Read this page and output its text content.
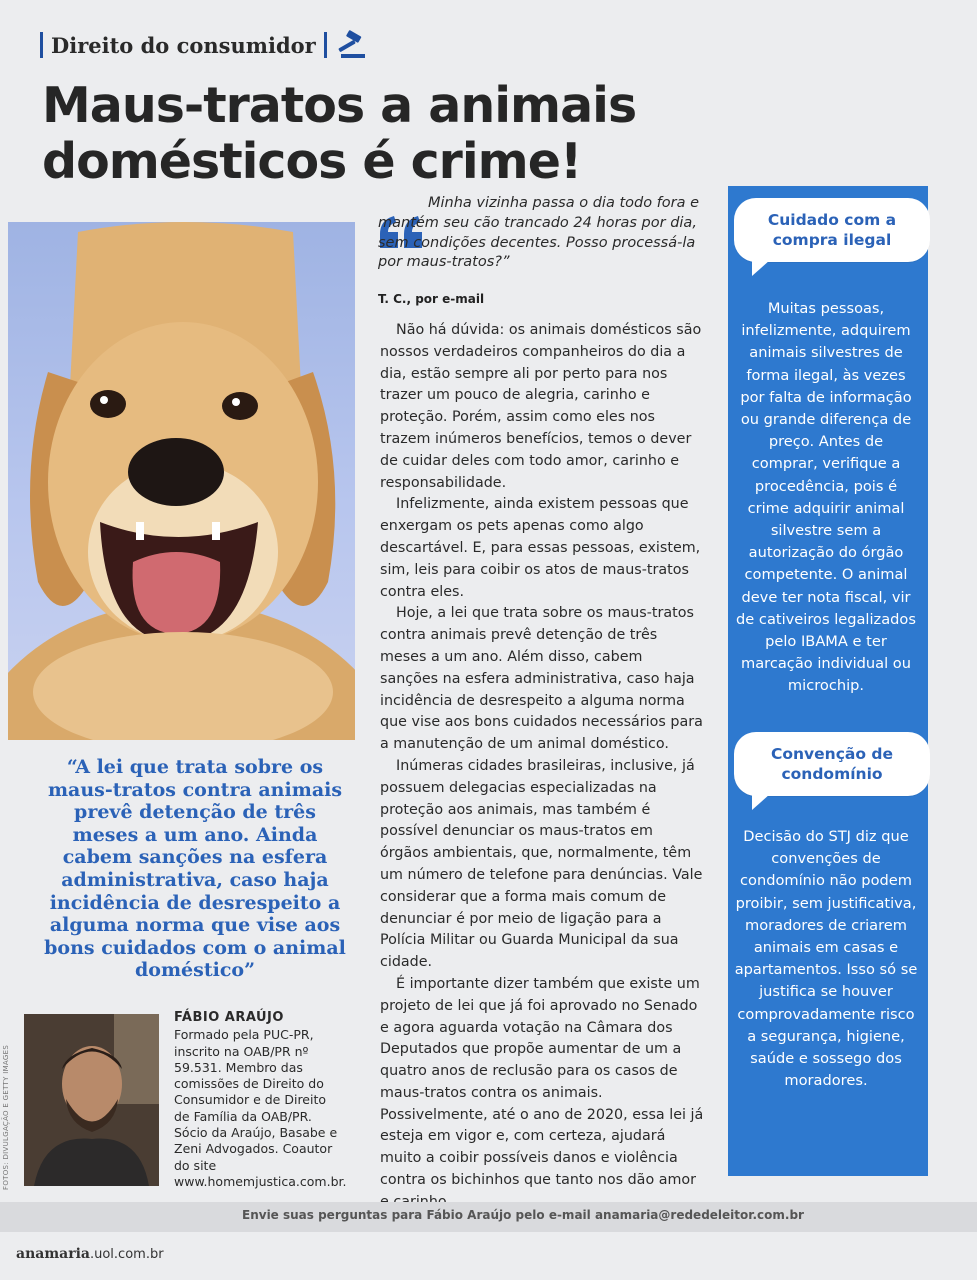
Direito do consumidor
Maus-tratos a animais
domésticos é crime!
“A lei que trata sobre os maus-tratos contra animais prevê detenção de três meses a um ano. Ainda cabem sanções na esfera administrativa, caso haja incidência de desrespeito a alguma norma que vise aos bons cuidados com o animal doméstico”
FOTOS: DIVULGAÇÃO E GETTY IMAGES
FÁBIO ARAÚJO
Formado pela PUC-PR, inscrito na OAB/PR nº 59.531. Membro das comissões de Direito do Consumidor e de Direito de Família da OAB/PR. Sócio da Araújo, Basabe e Zeni Advogados. Coautor do site www.homemjustica.com.br.
Minha vizinha passa o dia todo fora e mantém seu cão trancado 24 horas por dia, sem condições decentes. Posso processá-la por maus-tratos?”
T. C., por e-mail

Não há dúvida: os animais domésticos são nossos verdadeiros companheiros do dia a dia, estão sempre ali por perto para nos trazer um pouco de alegria, carinho e proteção. Porém, assim como eles nos trazem inúmeros benefícios, temos o dever de cuidar deles com todo amor, carinho e responsabilidade.

Infelizmente, ainda existem pessoas que enxergam os pets apenas como algo descartável. E, para essas pessoas, existem, sim, leis para coibir os atos de maus-tratos contra eles.

Hoje, a lei que trata sobre os maus-tratos contra animais prevê detenção de três meses a um ano. Além disso, cabem sanções na esfera administrativa, caso haja incidência de desrespeito a alguma norma que vise aos bons cuidados necessários para a manutenção de um animal doméstico.

Inúmeras cidades brasileiras, inclusive, já possuem delegacias especializadas na proteção aos animais, mas também é possível denunciar os maus-tratos em órgãos ambientais, que, normalmente, têm um número de telefone para denúncias. Vale considerar que a forma mais comum de denunciar é por meio de ligação para a Polícia Militar ou Guarda Municipal da sua cidade.

É importante dizer também que existe um projeto de lei que já foi aprovado no Senado e agora aguarda votação na Câmara dos Deputados que propõe aumentar de um a quatro anos de reclusão para os casos de maus-tratos contra os animais. Possivelmente, até o ano de 2020, essa lei já esteja em vigor e, com certeza, ajudará muito a coibir possíveis danos e violência contra os bichinhos que tanto nos dão amor

Cuidado com a compra ilegal
Muitas pessoas, infelizmente, adquirem animais silvestres de forma ilegal, às vezes por falta de informação ou grande diferença de preço. Antes de comprar, verifique a procedência, pois é crime adquirir animal silvestre sem a autorização do órgão competente. O animal deve ter nota fiscal, vir de cativeiros legalizados pelo IBAMA e ter marcação individual ou microchip.
Convenção de condomínio
Decisão do STJ diz que convenções de condomínio não podem proibir, sem justificativa, moradores de criarem animais em casas e apartamentos. Isso só se justifica se houver comprovadamente risco a segurança, higiene, saúde e sossego dos moradores.
Envie suas perguntas para Fábio Araújo pelo e-mail anamaria@rededeleitor.com.br
anamaria.uol.com.br
